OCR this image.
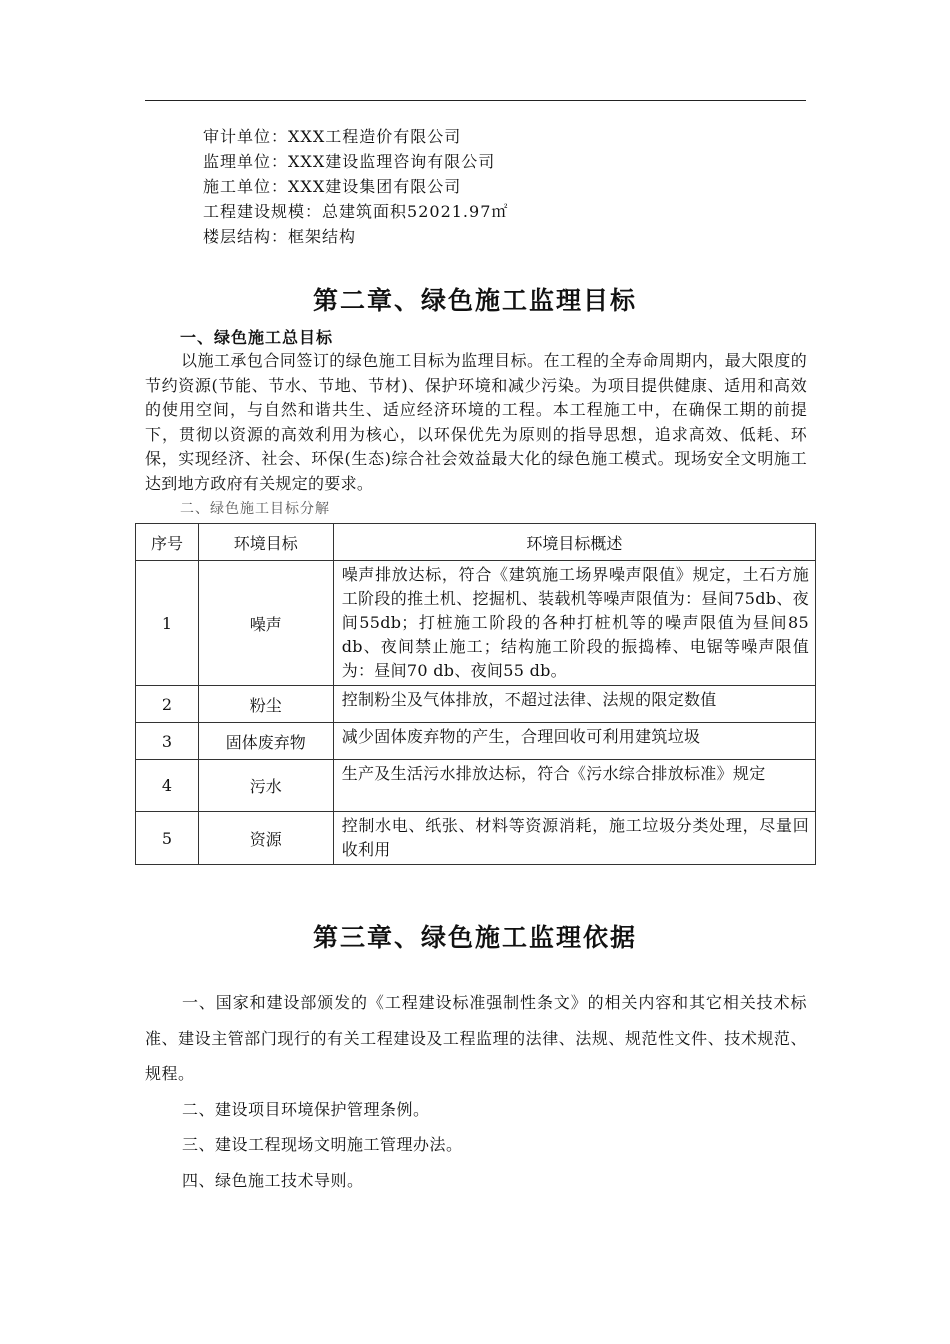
审计单位：XXX工程造价有限公司
监理单位：XXX建设监理咨询有限公司
施工单位：XXX建设集团有限公司
工程建设规模：总建筑面积52021.97㎡
楼层结构：框架结构
第二章、绿色施工监理目标
一、绿色施工总目标

以施工承包合同签订的绿色施工目标为监理目标。在工程的全寿命周期内，最大限度的节约资源(节能、节水、节地、节材)、保护环境和减少污染。为项目提供健康、适用和高效的使用空间，与自然和谐共生、适应经济环境的工程。本工程施工中，在确保工期的前提下，贯彻以资源的高效利用为核心，以环保优先为原则的指导思想，追求高效、低耗、环保，实现经济、社会、环保(生态)综合社会效益最大化的绿色施工模式。现场安全文明施工达到地方政府有关规定的要求。

二、绿色施工目标分解
序号	环境目标	环境目标概述
1	噪声	噪声排放达标，符合《建筑施工场界噪声限值》规定，土石方施工阶段的推土机、挖掘机、装载机等噪声限值为：昼间75db、夜间55db；打桩施工阶段的各种打桩机等的噪声限值为昼间85 db、夜间禁止施工；结构施工阶段的振捣棒、电锯等噪声限值为：昼间70 db、夜间55 db。
2	粉尘	控制粉尘及气体排放，不超过法律、法规的限定数值
3	固体废弃物	减少固体废弃物的产生，合理回收可利用建筑垃圾
4	污水	生产及生活污水排放达标，符合《污水综合排放标准》规定
5	资源	控制水电、纸张、材料等资源消耗，施工垃圾分类处理，尽量回收利用
第三章、绿色施工监理依据

一、国家和建设部颁发的《工程建设标准强制性条文》的相关内容和其它相关技术标准、建设主管部门现行的有关工程建设及工程监理的法律、法规、规范性文件、技术规范、规程。

二、建设项目环境保护管理条例。

三、建设工程现场文明施工管理办法。

四、绿色施工技术导则。
